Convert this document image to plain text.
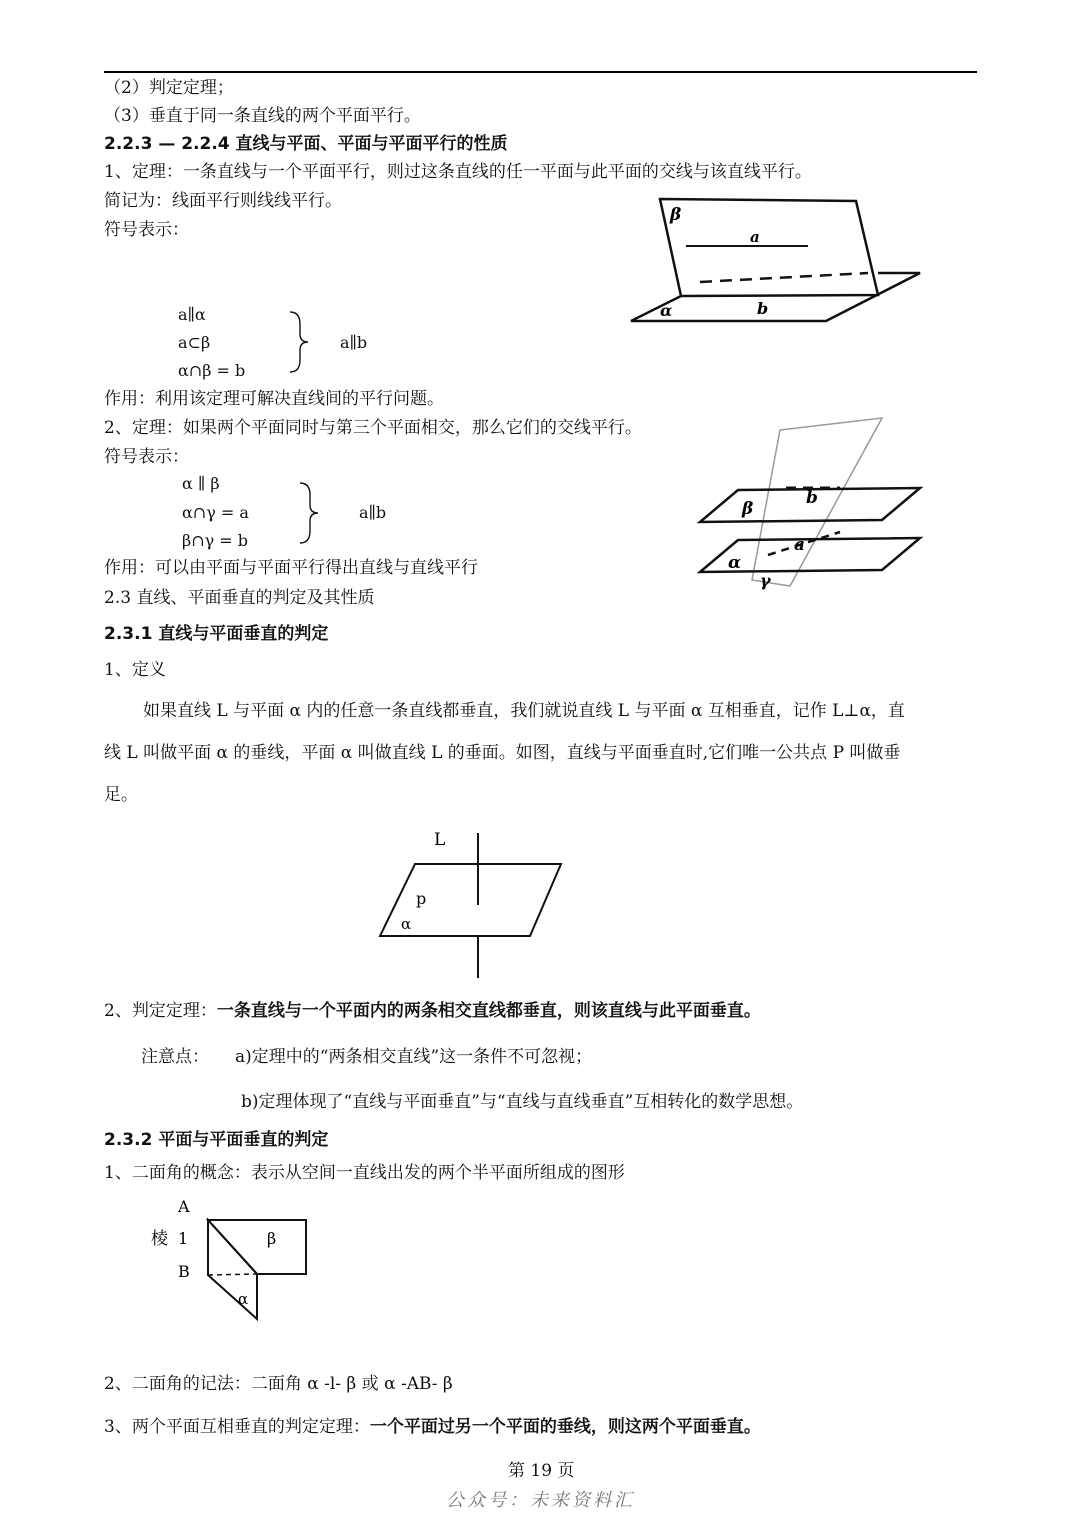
（2）判定定理；
（3）垂直于同一条直线的两个平面平行。
2.2.3 — 2.2.4 直线与平面、平面与平面平行的性质
1、定理：一条直线与一个平面平行，则过这条直线的任一平面与此平面的交线与该直线平行。
简记为：线面平行则线线平行。
符号表示：
a∥α
a⊂β
α∩β = b
a∥b
β
a
α	b
作用：利用该定理可解决直线间的平行问题。
2、定理：如果两个平面同时与第三个平面相交，那么它们的交线平行。
符号表示：
α ∥ β
α∩γ = a
β∩γ = b
a∥b	β
b
a
α
γ
作用：可以由平面与平面平行得出直线与直线平行
2.3 直线、平面垂直的判定及其性质
2.3.1 直线与平面垂直的判定
1、定义
如果直线 L 与平面 α 内的任意一条直线都垂直，我们就说直线 L 与平面 α 互相垂直，记作 L⊥α，直
线 L 叫做平面 α 的垂线，平面 α 叫做直线 L 的垂面。如图，直线与平面垂直时,它们唯一公共点 P 叫做垂
足。
L
p
α
2、判定定理：一条直线与一个平面内的两条相交直线都垂直，则该直线与此平面垂直。
注意点： a)定理中的“两条相交直线”这一条件不可忽视；
b)定理体现了“直线与平面垂直”与“直线与直线垂直”互相转化的数学思想。
2.3.2 平面与平面垂直的判定
1、二面角的概念：表示从空间一直线出发的两个半平面所组成的图形
A
棱 1
B
β
α
2、二面角的记法：二面角 α -l- β 或 α -AB- β
3、两个平面互相垂直的判定定理：一个平面过另一个平面的垂线，则这两个平面垂直。
第 19 页
公众号：未来资料汇
